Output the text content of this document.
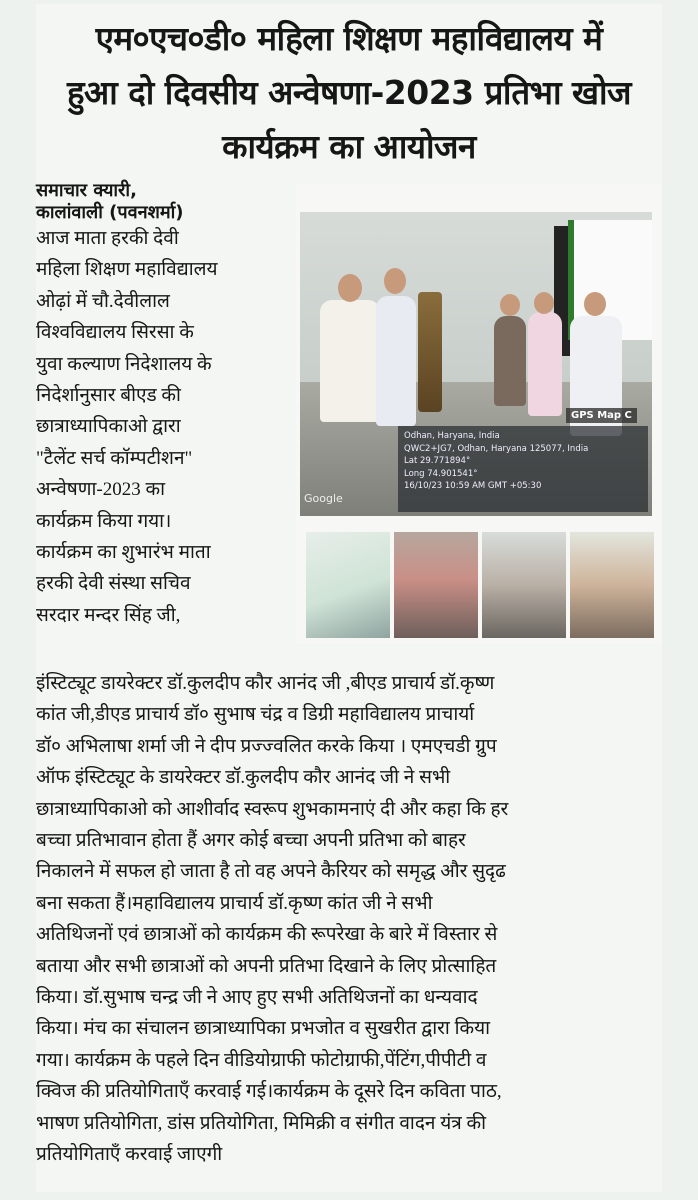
एम०एच०डी० महिला शिक्षण महाविद्यालय में
हुआ दो दिवसीय अन्वेषणा-2023 प्रतिभा खोज
कार्यक्रम का आयोजन
समाचार क्यारी,
कालांवाली (पवनशर्मा)
आज माता हरकी देवी
महिला शिक्षण महाविद्यालय
ओढ़ां में चौ.देवीलाल
विश्वविद्यालय सिरसा के
युवा कल्याण निदेशालय के
निदेर्शानुसार बीएड की
छात्राध्यापिकाओ द्वारा
"टैलेंट सर्च कॉम्पटीशन"
अन्वेषणा-2023 का
कार्यक्रम किया गया।
कार्यक्रम का शुभारंभ माता
हरकी देवी संस्था सचिव
सरदार मन्दर सिंह जी,
GPS Map C
Odhan, Haryana, India
QWC2+JG7, Odhan, Haryana 125077, India
Lat 29.771894°
Long 74.901541°
16/10/23 10:59 AM GMT +05:30
Google
इंस्टिट्यूट डायरेक्टर डॉ.कुलदीप कौर आनंद जी ,बीएड प्राचार्य डॉ.कृष्ण
कांत जी,डीएड प्राचार्य डॉ० सुभाष चंद्र व डिग्री महाविद्यालय प्राचार्या
डॉ० अभिलाषा शर्मा जी ने दीप प्रज्ज्वलित करके किया । एमएचडी ग्रुप
ऑफ इंस्टिट्यूट के डायरेक्टर डॉ.कुलदीप कौर आनंद जी ने सभी
छात्राध्यापिकाओ को आशीर्वाद स्वरूप शुभकामनाएं दी और कहा कि हर
बच्चा प्रतिभावान होता हैं अगर कोई बच्चा अपनी प्रतिभा को बाहर
निकालने में सफल हो जाता है तो वह अपने कैरियर को समृद्ध और सुदृढ
बना सकता हैं।महाविद्यालय प्राचार्य डॉ.कृष्ण कांत जी ने सभी
अतिथिजनों एवं छात्राओं को कार्यक्रम की रूपरेखा के बारे में विस्तार से
बताया और सभी छात्राओं को अपनी प्रतिभा दिखाने के लिए प्रोत्साहित
किया। डॉ.सुभाष चन्द्र जी ने आए हुए सभी अतिथिजनों का धन्यवाद
किया। मंच का संचालन छात्राध्यापिका प्रभजोत व सुखरीत द्वारा किया
गया। कार्यक्रम के पहले दिन वीडियोग्राफी फोटोग्राफी,पेंटिंग,पीपीटी व
क्विज की प्रतियोगिताएँ करवाई गई।कार्यक्रम के दूसरे दिन कविता पाठ,
भाषण प्रतियोगिता, डांस प्रतियोगिता, मिमिक्री व संगीत वादन यंत्र की
प्रतियोगिताएँ करवाई जाएगी
